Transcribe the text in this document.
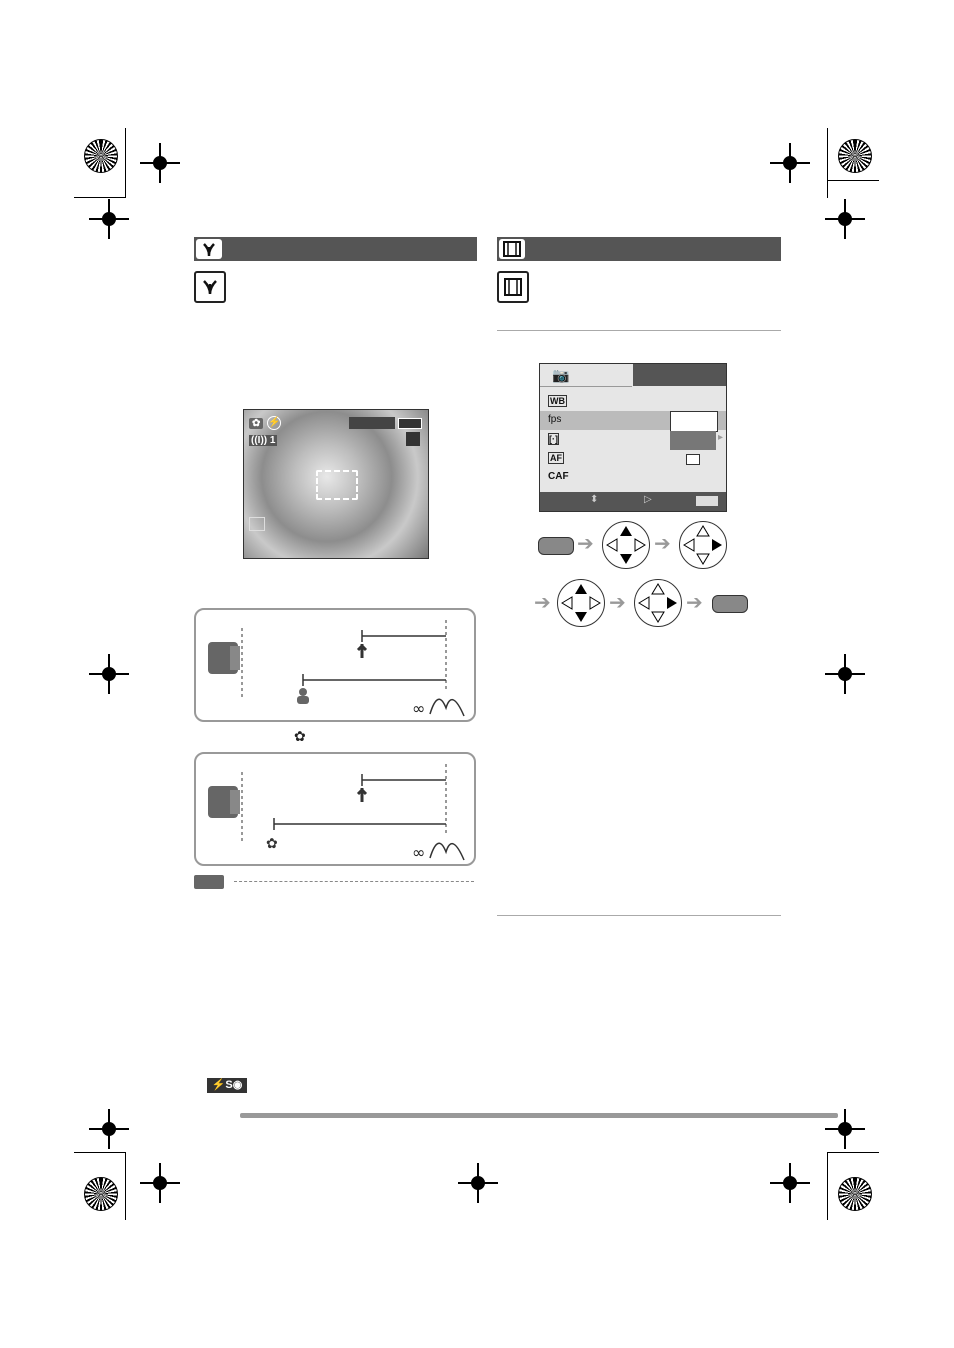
✿ ⚡
((I)) 1
∞
✿
✿	∞
📷
WB
fps
[·]
AF
CAF
▸
⬍	▷
➔	➔
➔	➔	➔
⚡S◉
